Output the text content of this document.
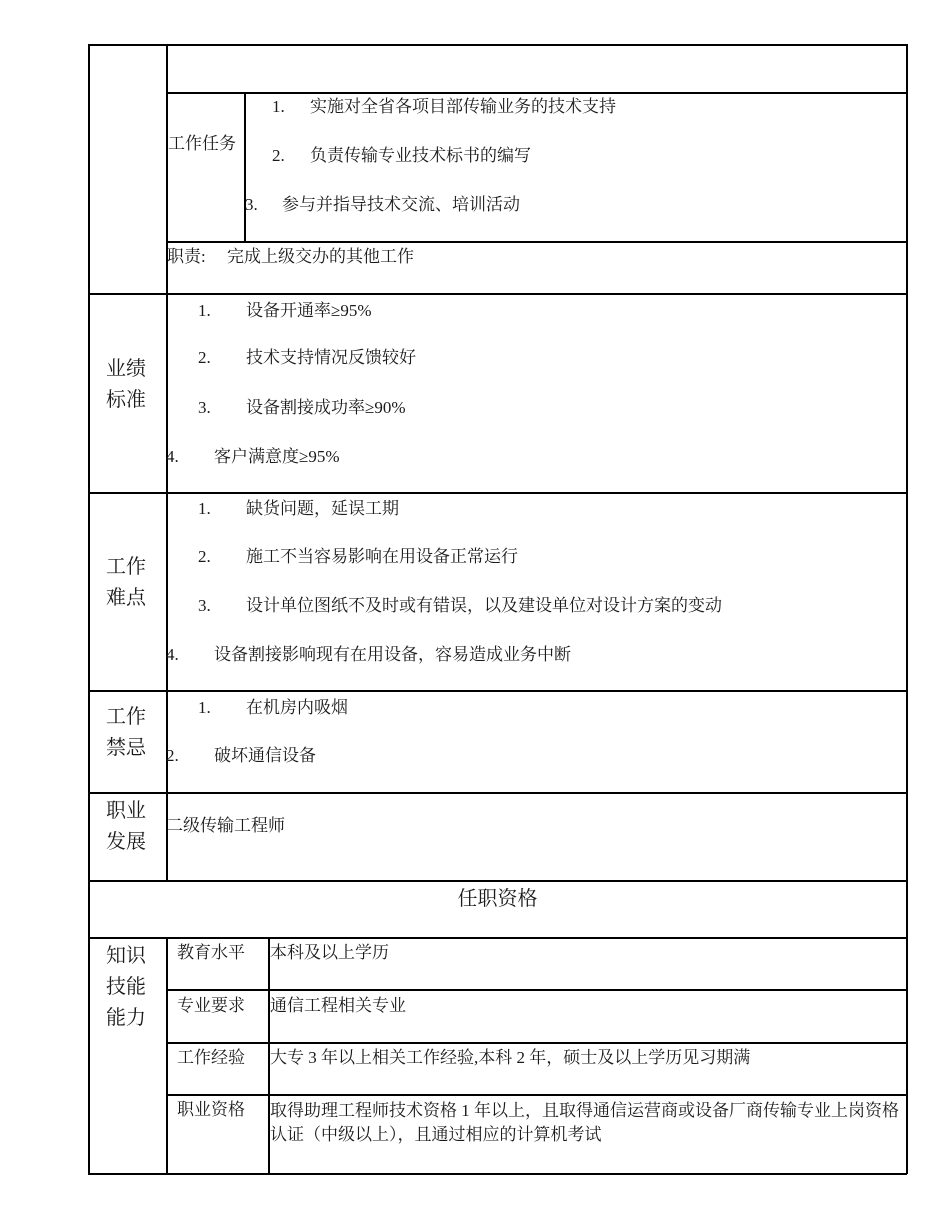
工作任务
1. 实施对全省各项目部传输业务的技术支持
2. 负责传输专业技术标书的编写
3. 参与并指导技术交流、培训活动
职责: 完成上级交办的其他工作
业绩标准
1. 设备开通率≥95%
2. 技术支持情况反馈较好
3. 设备割接成功率≥90%
4. 客户满意度≥95%
工作难点
1. 缺货问题，延误工期
2. 施工不当容易影响在用设备正常运行
3. 设计单位图纸不及时或有错误，以及建设单位对设计方案的变动
4. 设备割接影响现有在用设备，容易造成业务中断
工作禁忌
1. 在机房内吸烟
2. 破坏通信设备
职业发展
二级传输工程师
任职资格
知识技能能力
教育水平 本科及以上学历
专业要求 通信工程相关专业
工作经验 大专 3 年以上相关工作经验,本科 2 年，硕士及以上学历见习期满
职业资格 取得助理工程师技术资格 1 年以上，且取得通信运营商或设备厂商传输专业上岗资格认证（中级以上），且通过相应的计算机考试
